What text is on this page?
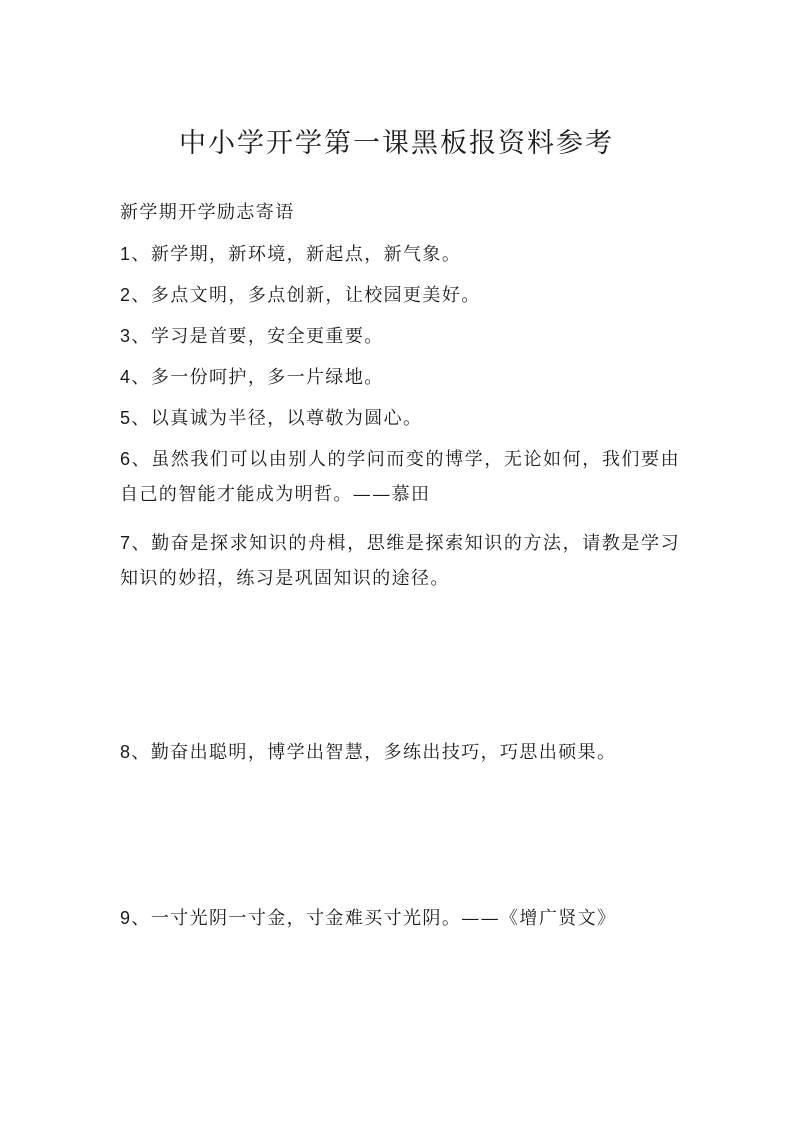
中小学开学第一课黑板报资料参考
新学期开学励志寄语
1、新学期，新环境，新起点，新气象。
2、多点文明，多点创新，让校园更美好。
3、学习是首要，安全更重要。
4、多一份呵护，多一片绿地。
5、以真诚为半径，以尊敬为圆心。
6、虽然我们可以由别人的学问而变的博学，无论如何，我们要由自己的智能才能成为明哲。——慕田
7、勤奋是探求知识的舟楫，思维是探索知识的方法，请教是学习知识的妙招，练习是巩固知识的途径。
8、勤奋出聪明，博学出智慧，多练出技巧，巧思出硕果。
9、一寸光阴一寸金，寸金难买寸光阴。——《增广贤文》
